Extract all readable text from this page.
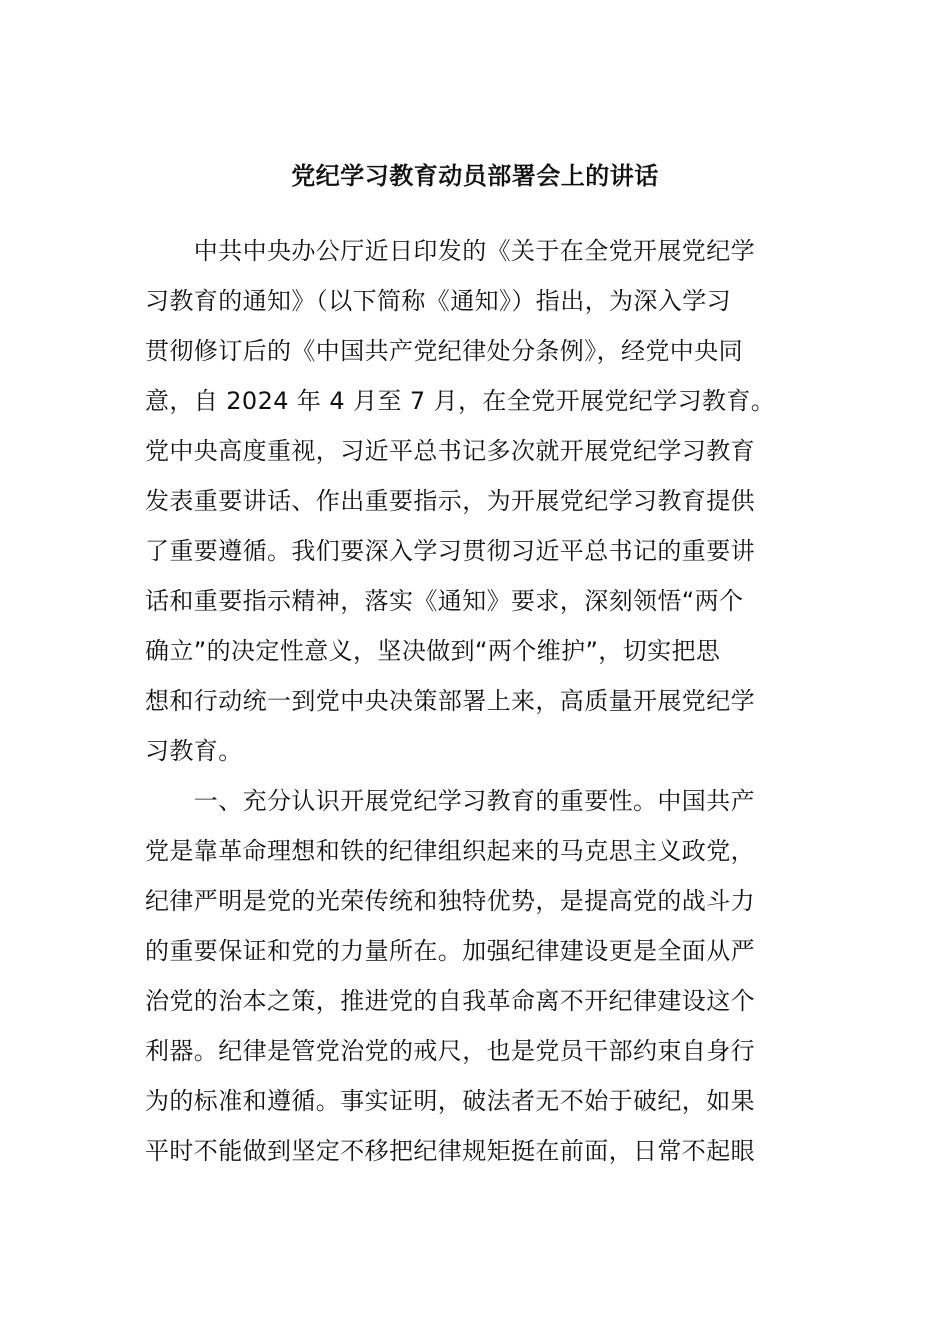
党纪学习教育动员部署会上的讲话
　　中共中央办公厅近日印发的《关于在全党开展党纪学
习教育的通知》（以下简称《通知》）指出，为深入学习
贯彻修订后的《中国共产党纪律处分条例》，经党中央同
意，自 2024 年 4 月至 7 月，在全党开展党纪学习教育。
党中央高度重视，习近平总书记多次就开展党纪学习教育
发表重要讲话、作出重要指示，为开展党纪学习教育提供
了重要遵循。我们要深入学习贯彻习近平总书记的重要讲
话和重要指示精神，落实《通知》要求，深刻领悟“两个
确立”的决定性意义，坚决做到“两个维护”，切实把思
想和行动统一到党中央决策部署上来，高质量开展党纪学
习教育。
　　一、充分认识开展党纪学习教育的重要性。中国共产
党是靠革命理想和铁的纪律组织起来的马克思主义政党，
纪律严明是党的光荣传统和独特优势，是提高党的战斗力
的重要保证和党的力量所在。加强纪律建设更是全面从严
治党的治本之策，推进党的自我革命离不开纪律建设这个
利器。纪律是管党治党的戒尺，也是党员干部约束自身行
为的标准和遵循。事实证明，破法者无不始于破纪，如果
平时不能做到坚定不移把纪律规矩挺在前面，日常不起眼
